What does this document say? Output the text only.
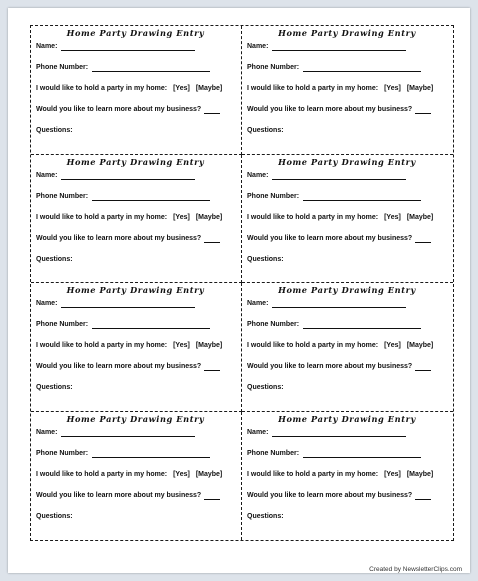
Home Party Drawing Entry
Name:
Phone Number:
I would like to hold a party in my home: [Yes] [Maybe]
Would you like to learn more about my business?
Questions:
Home Party Drawing Entry
Name:
Phone Number:
I would like to hold a party in my home: [Yes] [Maybe]
Would you like to learn more about my business?
Questions:
Home Party Drawing Entry
Name:
Phone Number:
I would like to hold a party in my home: [Yes] [Maybe]
Would you like to learn more about my business?
Questions:
Home Party Drawing Entry
Name:
Phone Number:
I would like to hold a party in my home: [Yes] [Maybe]
Would you like to learn more about my business?
Questions:
Home Party Drawing Entry
Name:
Phone Number:
I would like to hold a party in my home: [Yes] [Maybe]
Would you like to learn more about my business?
Questions:
Home Party Drawing Entry
Name:
Phone Number:
I would like to hold a party in my home: [Yes] [Maybe]
Would you like to learn more about my business?
Questions:
Home Party Drawing Entry
Name:
Phone Number:
I would like to hold a party in my home: [Yes] [Maybe]
Would you like to learn more about my business?
Questions:
Home Party Drawing Entry
Name:
Phone Number:
I would like to hold a party in my home: [Yes] [Maybe]
Would you like to learn more about my business?
Questions:
Created by NewsletterClips.com
